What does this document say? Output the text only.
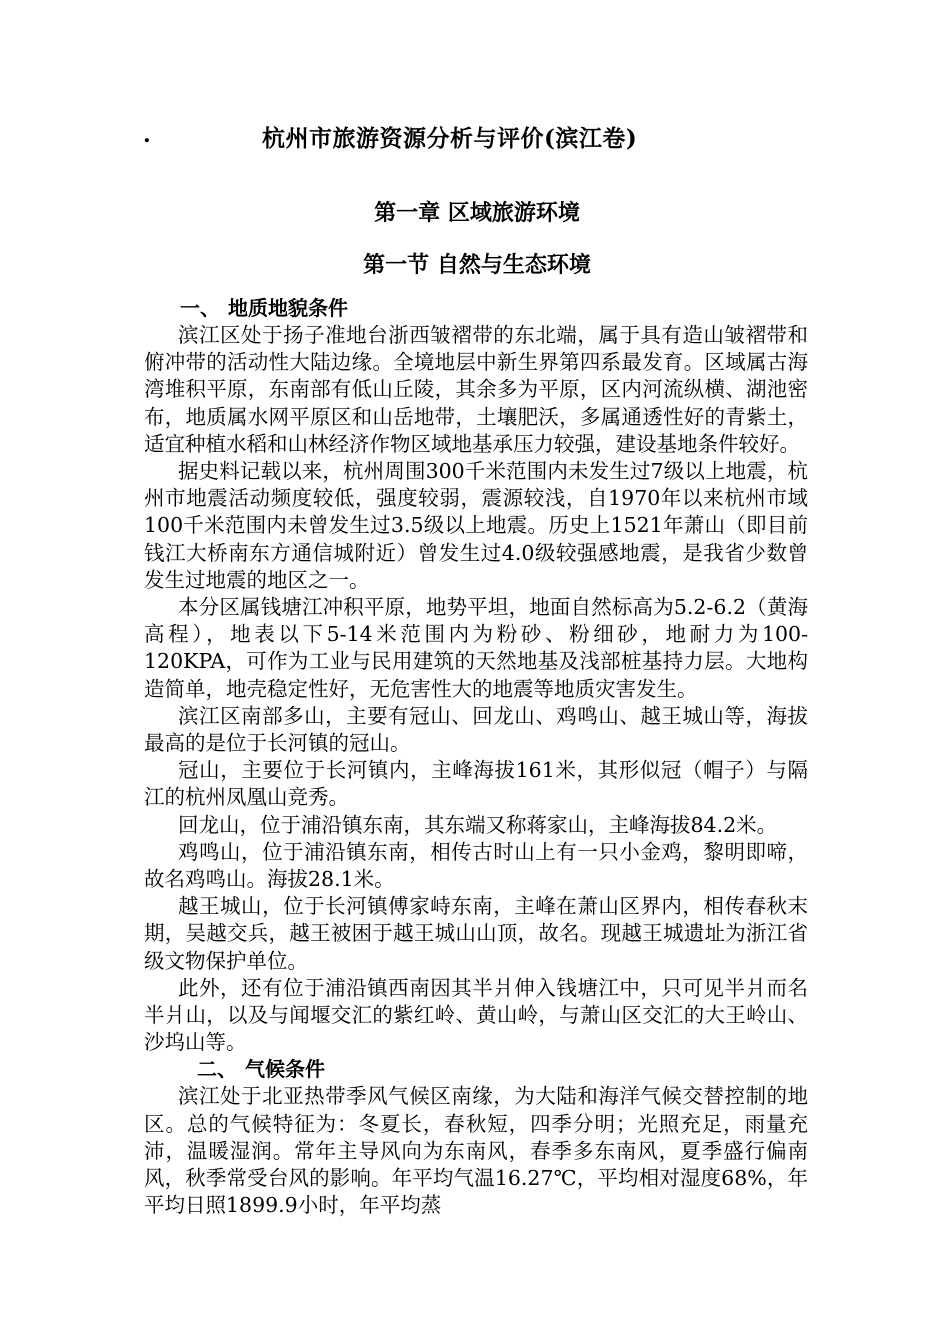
.	杭州市旅游资源分析与评价(滨江卷)
第一章 区域旅游环境
第一节 自然与生态环境
一、 地质地貌条件

滨江区处于扬子准地台浙西皱褶带的东北端，属于具有造山皱褶带和俯冲带的活动性大陆边缘。全境地层中新生界第四系最发育。区域属古海湾堆积平原，东南部有低山丘陵，其余多为平原，区内河流纵横、湖池密布，地质属水网平原区和山岳地带，土壤肥沃，多属通透性好的青紫土，适宜种植水稻和山林经济作物区域地基承压力较强，建设基地条件较好。

据史料记载以来，杭州周围300千米范围内未发生过7级以上地震，杭州市地震活动频度较低，强度较弱，震源较浅，自1970年以来杭州市域100千米范围内未曾发生过3.5级以上地震。历史上1521年萧山（即目前钱江大桥南东方通信城附近）曾发生过4.0级较强感地震，是我省少数曾发生过地震的地区之一。

本分区属钱塘江冲积平原，地势平坦，地面自然标高为5.2-6.2（黄海高程），地表以下5-14米范围内为粉砂、粉细砂，地耐力为100-120KPA，可作为工业与民用建筑的天然地基及浅部桩基持力层。大地构造简单，地壳稳定性好，无危害性大的地震等地质灾害发生。

滨江区南部多山，主要有冠山、回龙山、鸡鸣山、越王城山等，海拔最高的是位于长河镇的冠山。

冠山，主要位于长河镇内，主峰海拔161米，其形似冠（帽子）与隔江的杭州凤凰山竞秀。

回龙山，位于浦沿镇东南，其东端又称蒋家山，主峰海拔84.2米。

鸡鸣山，位于浦沿镇东南，相传古时山上有一只小金鸡，黎明即啼，故名鸡鸣山。海拔28.1米。

越王城山，位于长河镇傅家峙东南，主峰在萧山区界内，相传春秋末期，吴越交兵，越王被困于越王城山山顶，故名。现越王城遗址为浙江省级文物保护单位。

此外，还有位于浦沿镇西南因其半爿伸入钱塘江中，只可见半爿而名半爿山，以及与闻堰交汇的紫红岭、黄山岭，与萧山区交汇的大王岭山、沙坞山等。

二、 气候条件

滨江处于北亚热带季风气候区南缘，为大陆和海洋气候交替控制的地区。总的气候特征为：冬夏长，春秋短，四季分明；光照充足，雨量充沛，温暖湿润。常年主导风向为东南风，春季多东南风，夏季盛行偏南风，秋季常受台风的影响。年平均气温16.27℃，平均相对湿度68%，年平均日照1899.9小时，年平均蒸
